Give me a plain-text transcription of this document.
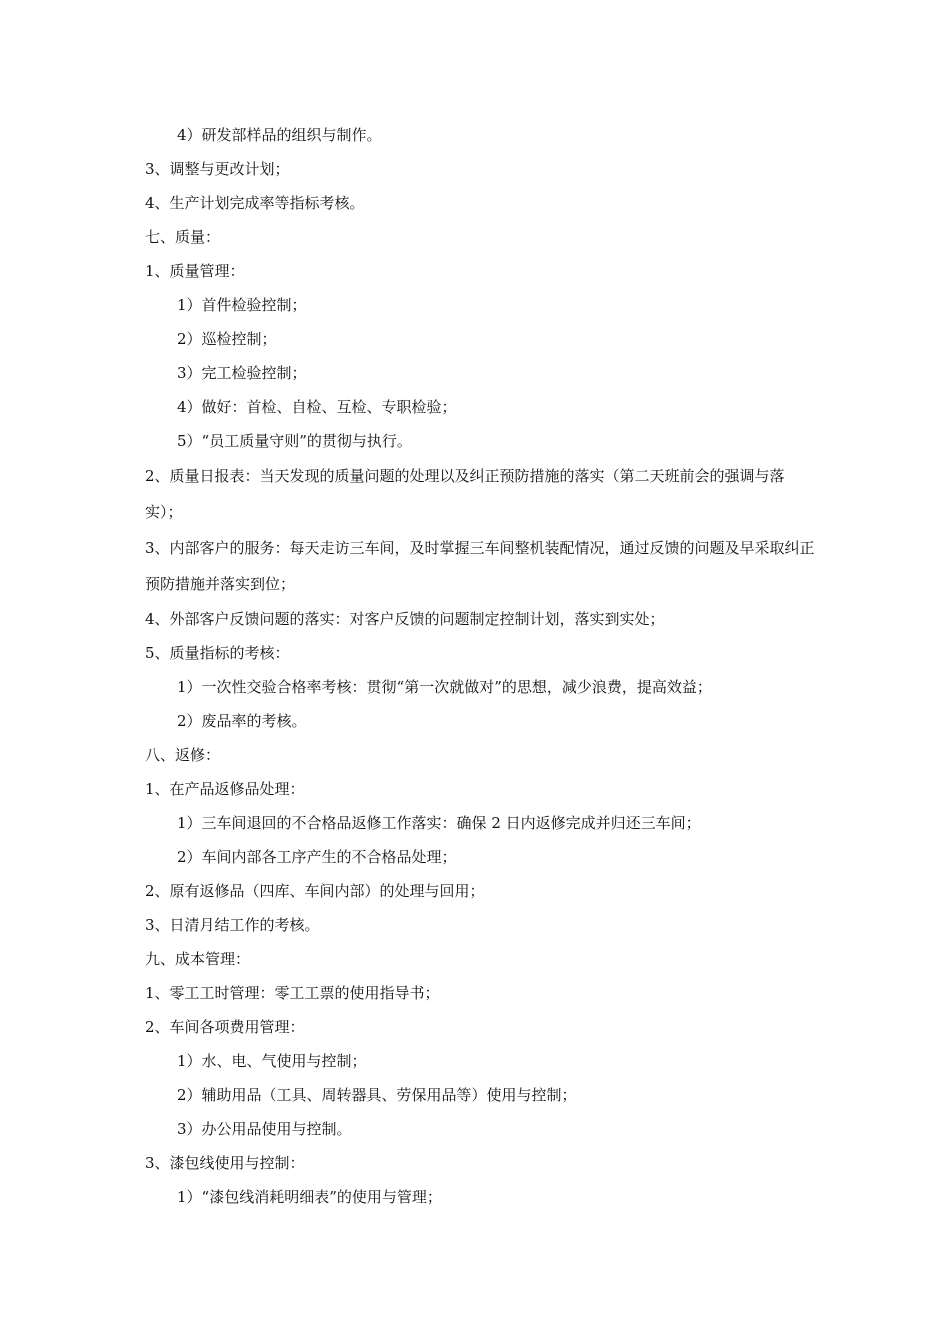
4）研发部样品的组织与制作。
3、调整与更改计划；
4、生产计划完成率等指标考核。
七、质量：
1、质量管理：
1）首件检验控制；
2）巡检控制；
3）完工检验控制；
4）做好：首检、自检、互检、专职检验；
5）“员工质量守则”的贯彻与执行。
2、质量日报表：当天发现的质量问题的处理以及纠正预防措施的落实（第二天班前会的强调与落实）；
3、内部客户的服务：每天走访三车间，及时掌握三车间整机装配情况，通过反馈的问题及早采取纠正预防措施并落实到位；
4、外部客户反馈问题的落实：对客户反馈的问题制定控制计划，落实到实处；
5、质量指标的考核：
1）一次性交验合格率考核：贯彻“第一次就做对”的思想，减少浪费，提高效益；
2）废品率的考核。
八、返修：
1、在产品返修品处理：
1）三车间退回的不合格品返修工作落实：确保 2 日内返修完成并归还三车间；
2）车间内部各工序产生的不合格品处理；
2、原有返修品（四库、车间内部）的处理与回用；
3、日清月结工作的考核。
九、成本管理：
1、零工工时管理：零工工票的使用指导书；
2、车间各项费用管理：
1）水、电、气使用与控制；
2）辅助用品（工具、周转器具、劳保用品等）使用与控制；
3）办公用品使用与控制。
3、漆包线使用与控制：
1）“漆包线消耗明细表”的使用与管理；
